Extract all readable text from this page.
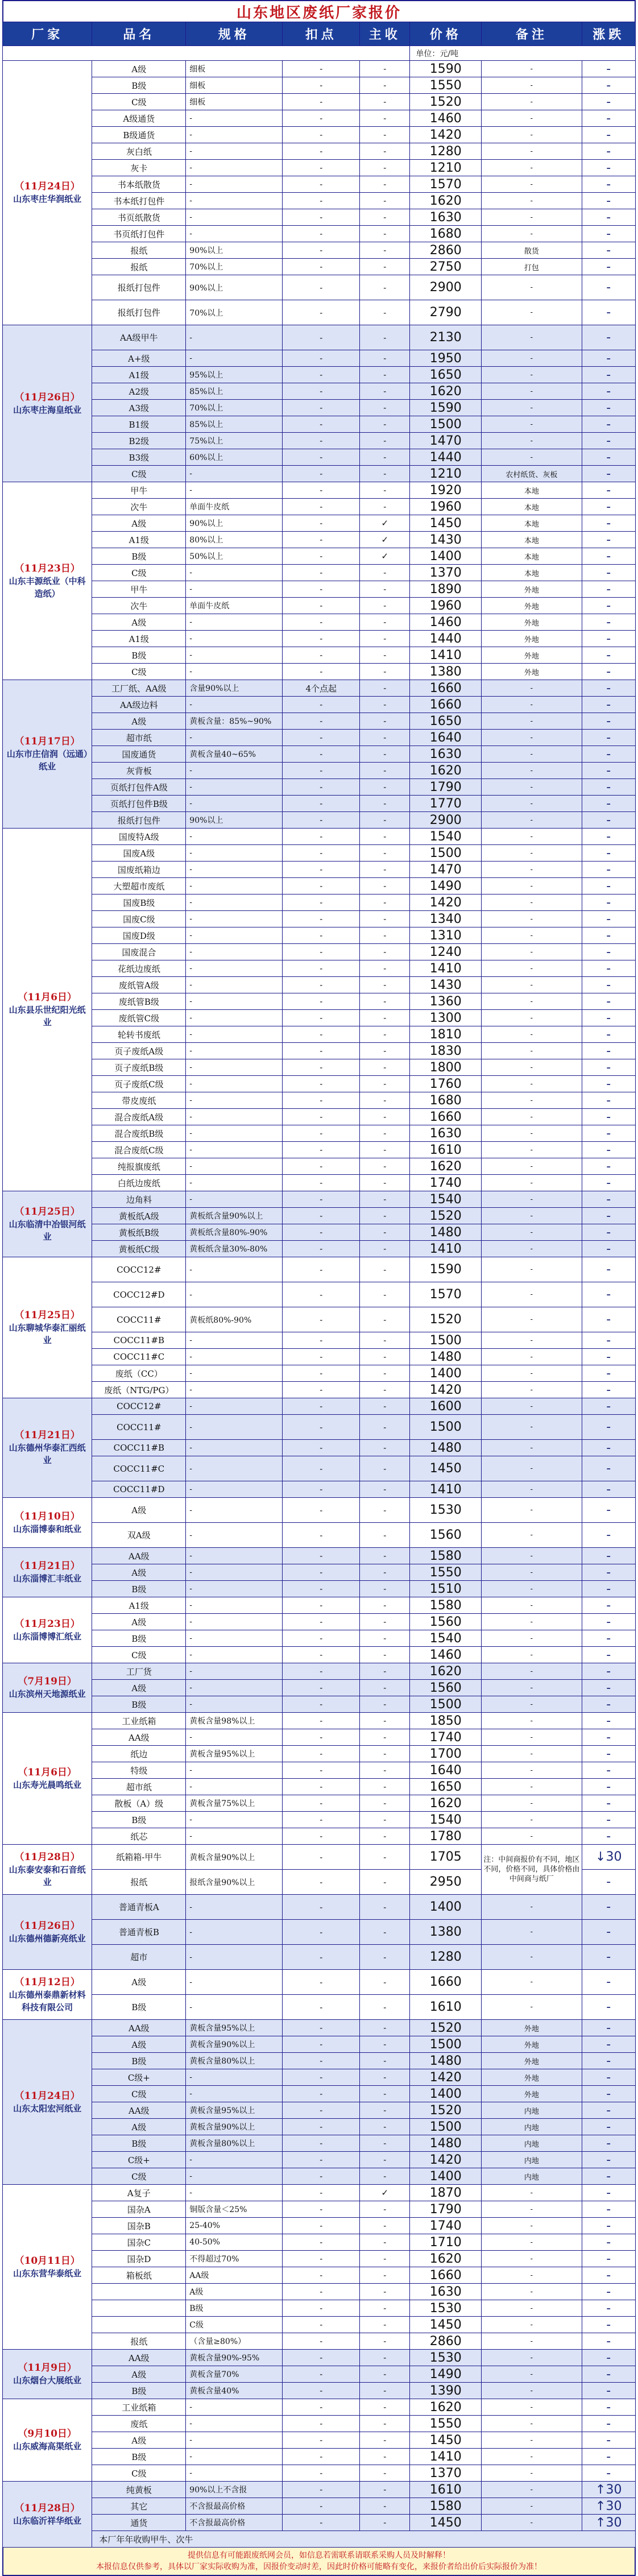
山东地区废纸厂家报价
厂家	品名	规格	扣点	主收	价格	备注	涨跌
					单位：元/吨		

（11月24日）
山东枣庄华润纸业	A级	细板	-	-	1590	-	-
	B级	细板	-	-	1550	-	-
	C级	细板	-	-	1520	-	-
	A级通货	-	-	-	1460	-	-
	B级通货	-	-	-	1420	-	-
	灰白纸	-	-	-	1280	-	-
	灰卡	-	-	-	1210	-	-
	书本纸散货	-	-	-	1570	-	-
	书本纸打包件	-	-	-	1620	-	-
	书页纸散货	-	-	-	1630	-	-
	书页纸打包件	-	-	-	1680	-	-
	报纸	90%以上	-	-	2860	散货	-
	报纸	70%以上	-	-	2750	打包	-
	报纸打包件	90%以上	-	-	2900	-	-
	报纸打包件	70%以上	-	-	2790	-	-

（11月26日）
山东枣庄海皇纸业	AA级甲牛	-	-	-	2130	-	-
	A+级	-	-	-	1950	-	-
	A1级	95%以上	-	-	1650	-	-
	A2级	85%以上	-	-	1620	-	-
	A3级	70%以上	-	-	1590	-	-
	B1级	85%以上	-	-	1500	-	-
	B2级	75%以上	-	-	1470	-	-
	B3级	60%以上	-	-	1440	-	-
	C级	-	-	-	1210	农村纸货、灰板	-

（11月23日）
山东丰源纸业（中科造纸）	甲牛	-	-	-	1920	本地	-
	次牛	单面牛皮纸	-	-	1960	本地	-
	A级	90%以上	-	✓	1450	本地	-
	A1级	80%以上	-	✓	1430	本地	-
	B级	50%以上	-	✓	1400	本地	-
	C级	-	-	-	1370	本地	-
	甲牛	-	-	-	1890	外地	-
	次牛	单面牛皮纸	-	-	1960	外地	-
	A级	-	-	-	1460	外地	-
	A1级	-	-	-	1440	外地	-
	B级	-	-	-	1410	外地	-
	C级	-	-	-	1380	外地	-

（11月17日）
山东市庄信润（远通）纸业	工厂纸、AA级	含量90%以上	4个点起	-	1660	-	-
	AA级边料	-	-	-	1660	-	-
	A级	黄板含量：85%~90%	-	-	1650	-	-
	超市纸	-	-	-	1640	-	-
	国废通货	黄板含量40~65%	-	-	1630	-	-
	灰背板	-	-	-	1620	-	-
	页纸打包件A级	-	-	-	1790	-	-
	页纸打包件B级	-	-	-	1770	-	-
	报纸打包件	90%以上	-	-	2900	-	-

（11月6日）
山东县乐世纪阳光纸业	国废特A级	-	-	-	1540	-	-
	国废A级	-	-	-	1500	-	-
	国废纸箱边	-	-	-	1470	-	-
	大塑超市废纸	-	-	-	1490	-	-
	国废B级	-	-	-	1420	-	-
	国废C级	-	-	-	1340	-	-
	国废D级	-	-	-	1310	-	-
	国废混合	-	-	-	1240	-	-
	花纸边废纸	-	-	-	1410	-	-
	废纸管A级	-	-	-	1430	-	-
	废纸管B级	-	-	-	1360	-	-
	废纸管C级	-	-	-	1300	-	-
	轮转书废纸	-	-	-	1810	-	-
	页子废纸A级	-	-	-	1830	-	-
	页子废纸B级	-	-	-	1800	-	-
	页子废纸C级	-	-	-	1760	-	-
	带皮废纸	-	-	-	1680	-	-
	混合废纸A级	-	-	-	1660	-	-
	混合废纸B级	-	-	-	1630	-	-
	混合废纸C级	-	-	-	1610	-	-
	纯报旗废纸	-	-	-	1620	-	-
	白纸边废纸	-	-	-	1740	-	-

（11月25日）
山东临清中冶银河纸业	边角料	-	-	-	1540	-	-
	黄板纸A级	黄板纸含量90%以上	-	-	1520	-	-
	黄板纸B级	黄板纸含量80%-90%	-	-	1480	-	-
	黄板纸C级	黄板纸含量30%-80%	-	-	1410	-	-

（11月25日）
山东聊城华泰汇丽纸业	COCC12#	-	-	-	1590	-	-
	COCC12#D	-	-	-	1570	-	-
	COCC11#	黄板纸80%-90%	-	-	1520	-	-
	COCC11#B	-	-	-	1500	-	-
	COCC11#C	-	-	-	1480	-	-
	废纸（CC）	-	-	-	1400	-	-
	废纸（NTG/PG）	-	-	-	1420	-	-

（11月21日）
山东德州华泰汇西纸业	COCC12#	-	-	-	1600	-	-
	COCC11#	-	-	-	1500	-	-
	COCC11#B	-	-	-	1480	-	-
	COCC11#C	-	-	-	1450	-	-
	COCC11#D	-	-	-	1410	-	-

（11月10日）
山东淄博泰和纸业	A级	-	-	-	1530	-	-
	双A级	-	-	-	1560	-	-

（11月21日）
山东淄博汇丰纸业	AA级	-	-	-	1580	-	-
	A级	-	-	-	1550	-	-
	B级	-	-	-	1510	-	-

（11月23日）
山东淄博博汇纸业	A1级	-	-	-	1580	-	-
	A级	-	-	-	1560	-	-
	B级	-	-	-	1540	-	-
	C级	-	-	-	1460	-	-

（7月19日）
山东滨州天地源纸业	工厂货	-	-	-	1620	-	-
	A级	-	-	-	1560	-	-
	B级	-	-	-	1500	-	-

（11月6日）
山东寿光晨鸣纸业	工业纸箱	黄板含量98%以上	-	-	1850	-	-
	AA级	-	-	-	1740	-	-
	纸边	黄板含量95%以上	-	-	1700	-	-
	特级	-	-	-	1640	-	-
	超市纸	-	-	-	1650	-	-
	散板（A）级	黄板含量75%以上	-	-	1620	-	-
	B级	-	-	-	1540	-	-
	纸芯	-	-	-	1780	-	-

（11月28日）
山东泰安泰和石音纸业	纸箱箱-甲牛	黄板含量90%以上	-	-	1705	注：中间商报价有不同，地区不同，价格不同，具体价格由中间商与纸厂	↓30
	报纸	报纸含量90%以上	-	-	2950		-

（11月26日）
山东德州德新亮纸业	普通青板A	-	-	-	1400	-	-
	普通青板B	-	-	-	1380	-	-
	超市	-	-	-	1280	-	-

（11月12日）
山东德州泰鼎新材料科技有限公司	A级	-	-	-	1660	-	-
	B级	-	-	-	1610	-	-

（11月24日）
山东太阳宏河纸业	AA级	黄板含量95%以上	-	-	1520	外地	-
	A级	黄板含量90%以上	-	-	1500	外地	-
	B级	黄板含量80%以上	-	-	1480	外地	-
	C级+	-	-	-	1420	外地	-
	C级	-	-	-	1400	外地	-
	AA级	黄板含量95%以上	-	-	1520	内地	-
	A级	黄板含量90%以上	-	-	1500	内地	-
	B级	黄板含量80%以上	-	-	1480	内地	-
	C级+	-	-	-	1420	内地	-
	C级	-	-	-	1400	内地	-

（10月11日）
山东东营华泰纸业	A复子	-	-	✓	1870	-	-
	国杂A	铜版含量＜25%	-	-	1790	-	-
	国杂B	25-40%	-	-	1740	-	-
	国杂C	40-50%	-	-	1710	-	-
	国杂D	不得超过70%	-	-	1620	-	-
	箱板纸	AA级	-	-	1660	-	-
		A级	-	-	1630	-	-
		B级	-	-	1530	-	-
		C级	-	-	1450	-	-
	报纸	（含量≥80%）	-	-	2860	-	-

（11月9日）
山东烟台大展纸业	AA级	黄板含量90%-95%	-	-	1530	-	-
	A级	黄板含量70%	-	-	1490	-	-
	B级	黄板含量40%	-	-	1390	-	-

（9月10日）
山东威海高渠纸业	工业纸箱	-	-	-	1620	-	-
	废纸	-	-	-	1550	-	-
	A级	-	-	-	1450	-	-
	B级	-	-	-	1410	-	-
	C级	-	-	-	1370	-	-

（11月28日）
山东临沂祥华纸业	纯黄板	90%以上不含报	-	-	1610	-	↑30
	其它	不含报最高价格	-	-	1580	-	↑30
	通货	不含报最高价格	-	-	1450	-	↑30
	本厂年年收购甲牛、次牛						
提供信息有可能跟废纸网会员，如信息若需联系请联系采购人员及时解释！
本报信息仅供参考，具体以厂家实际收购为准，因报价变动时差，因此时价格可能略有变化，来报价者给出价后实际报价为准！
